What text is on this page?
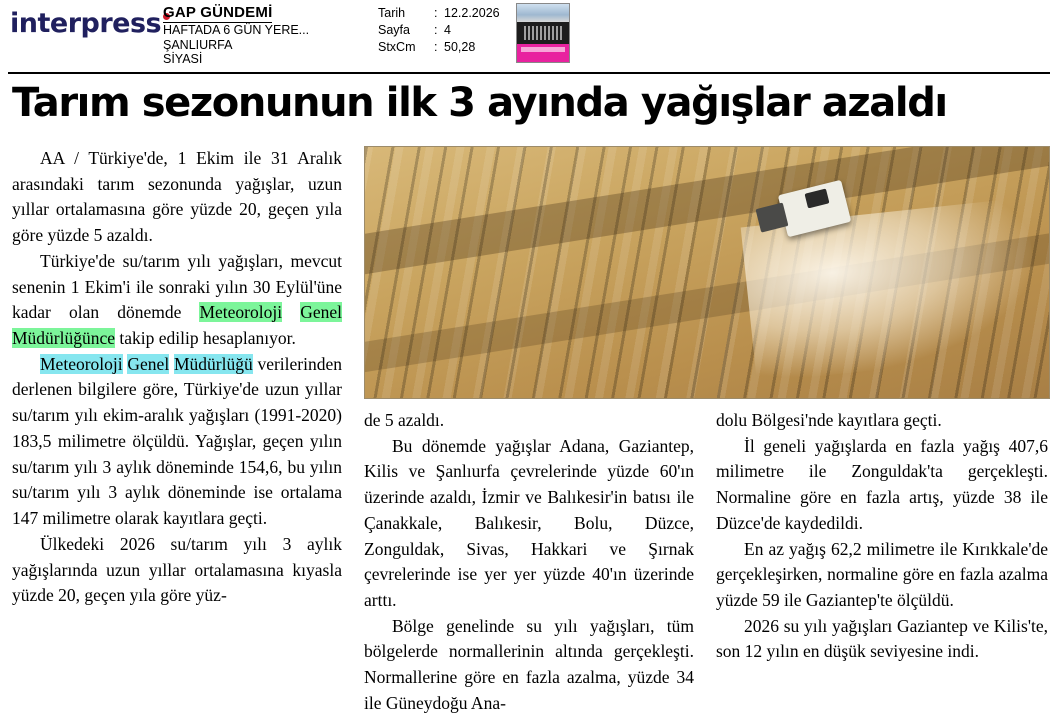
interpress GAP GÜNDEMİ
HAFTADA 6 GÜN YERE...
ŞANLIURFA
SİYASİ
Tarih : 12.2.2026
Sayfa : 4
StxCm : 50,28
Tarım sezonunun ilk 3 ayında yağışlar azaldı

AA / Türkiye'de, 1 Ekim ile 31 Aralık arasındaki tarım sezonunda yağışlar, uzun yıllar ortalamasına göre yüzde 20, geçen yıla göre yüzde 5 azaldı.

Türkiye'de su/tarım yılı yağışları, mevcut senenin 1 Ekim'i ile sonraki yılın 30 Eylül'üne kadar olan dönemde Meteoroloji Genel Müdürlüğünce takip edilip hesaplanıyor.

Meteoroloji Genel Müdürlüğü verilerinden derlenen bilgilere göre, Türkiye'de uzun yıllar su/tarım yılı ekim-aralık yağışları (1991-2020) 183,5 milimetre ölçüldü. Yağışlar, geçen yılın su/tarım yılı 3 aylık döneminde 154,6, bu yılın su/tarım yılı 3 aylık döneminde ise ortalama 147 milimetre olarak kayıtlara geçti.

Ülkedeki 2026 su/tarım yılı 3 aylık yağışlarında uzun yıllar ortalamasına kıyasla yüzde 20, geçen yıla göre yüz-

de 5 azaldı.

Bu dönemde yağışlar Adana, Gaziantep, Kilis ve Şanlıurfa çevrelerinde yüzde 60'ın üzerinde azaldı, İzmir ve Balıkesir'in batısı ile Çanakkale, Balıkesir, Bolu, Düzce, Zonguldak, Sivas, Hakkari ve Şırnak çevrelerinde ise yer yer yüzde 40'ın üzerinde arttı.

Bölge genelinde su yılı yağışları, tüm bölgelerde normallerinin altında gerçekleşti. Normallerine göre en fazla azalma, yüzde 34 ile Güneydoğu Ana-

dolu Bölgesi'nde kayıtlara geçti.

İl geneli yağışlarda en fazla yağış 407,6 milimetre ile Zonguldak'ta gerçekleşti. Normaline göre en fazla artış, yüzde 38 ile Düzce'de kaydedildi.

En az yağış 62,2 milimetre ile Kırıkkale'de gerçekleşirken, normaline göre en fazla azalma yüzde 59 ile Gaziantep'te ölçüldü.

2026 su yılı yağışları Gaziantep ve Kilis'te, son 12 yılın en düşük seviyesine indi.
